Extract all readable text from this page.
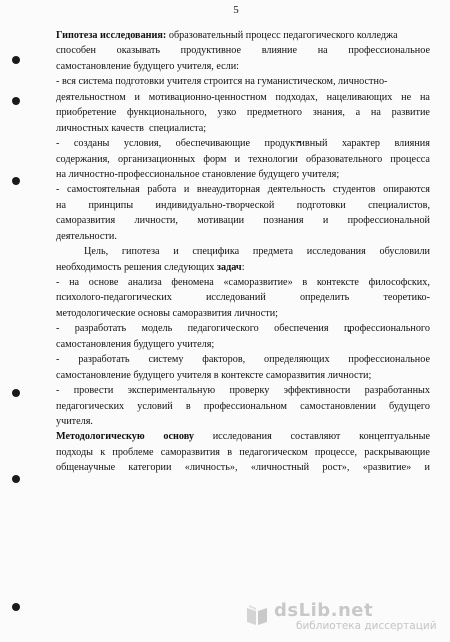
5
Гипотеза исследования: образовательный процесс педагогического колледжа
способен оказывать продуктивное влияние на профессиональное
самостановление будущего учителя, если:
- вся система подготовки учителя строится на гуманистическом, личностно-
деятельностном и мотивационно-ценностном подходах, нацеливающих не на
приобретение функционального, узко предметного знания, а на развитие
личностных качеств  специалиста;
- созданы условия, обеспечивающие продуктивный характер влияния
содержания, организационных форм и технологии образовательного процесса
на личностно-профессиональное становление будущего учителя;
- самостоятельная работа и внеаудиторная деятельность студентов опираются
на принципы индивидуально-творческой подготовки специалистов,
саморазвития личности, мотивации познания и профессиональной
деятельности.
Цель, гипотеза и специфика предмета исследования обусловили
необходимость решения следующих задач :
- на основе анализа феномена «саморазвитие» в контексте философских,
психолого-педагогических	исследований	определить	теоретико-
методологические основы саморазвития личности;
- разработать модель педагогического обеспечения профессионального
самостановления будущего учителя;
- разработать систему факторов, определяющих профессиональное
самостановление будущего учителя в контексте саморазвития личности;
- провести экспериментальную проверку эффективности разработанных
педагогических условий в профессиональном самостановлении будущего
учителя.
Методологическую основу исследования составляют концептуальные
подходы к проблеме саморазвития в педагогическом процессе, раскрывающие
общенаучные категории «личность», «личностный рост», «развитие» и
dsLib.net
библиотека диссертаций
